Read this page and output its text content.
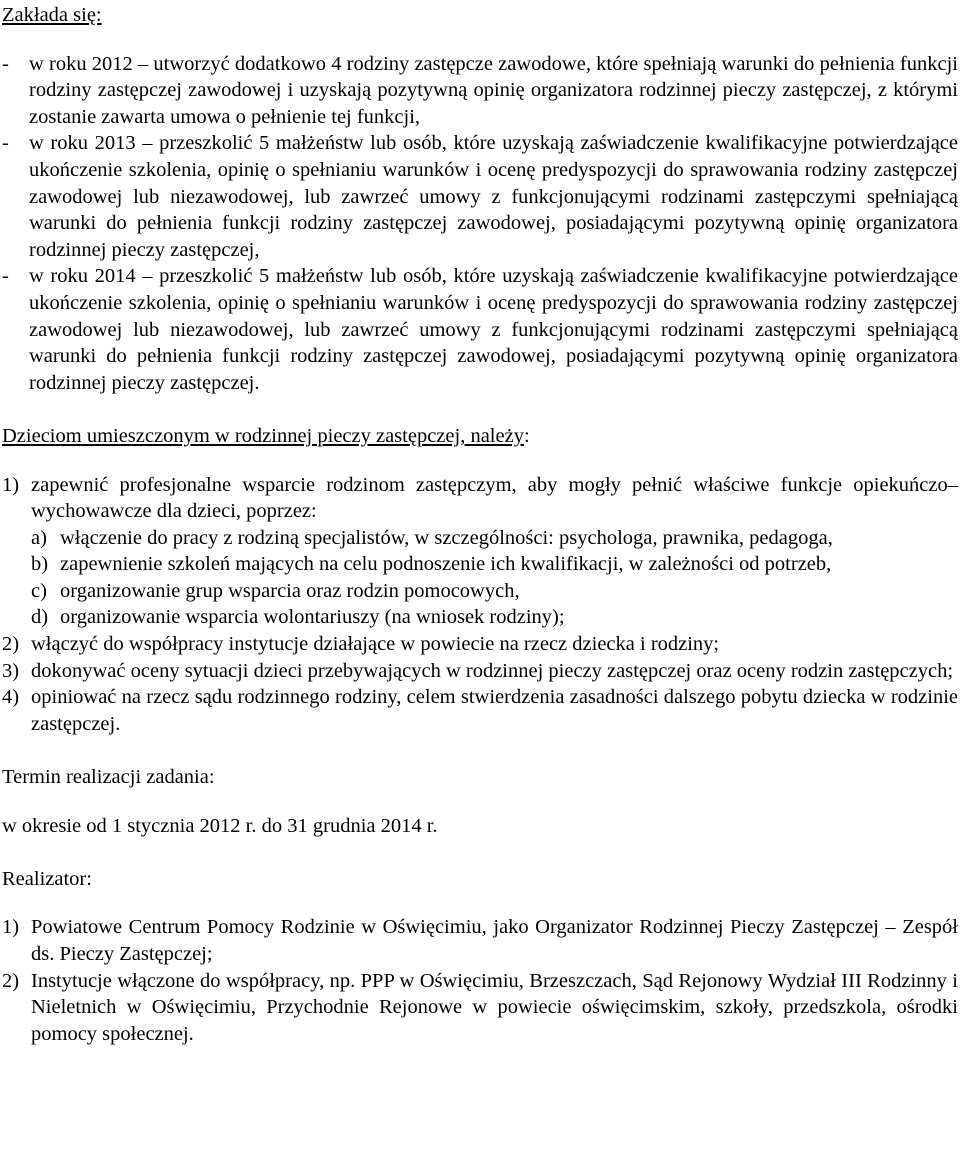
Zakłada się:

- w roku 2012 – utworzyć dodatkowo 4 rodziny zastępcze zawodowe, które spełniają warunki do pełnienia funkcji rodziny zastępczej zawodowej i uzyskają pozytywną opinię organizatora rodzinnej pieczy zastępczej, z którymi zostanie zawarta umowa o pełnienie tej funkcji,
- w roku 2013 – przeszkolić 5 małżeństw lub osób, które uzyskają zaświadczenie kwalifikacyjne potwierdzające ukończenie szkolenia, opinię o spełnianiu warunków i ocenę predyspozycji do sprawowania rodziny zastępczej zawodowej lub niezawodowej, lub zawrzeć umowy z funkcjonującymi rodzinami zastępczymi spełniającą warunki do pełnienia funkcji rodziny zastępczej zawodowej, posiadającymi pozytywną opinię organizatora rodzinnej pieczy zastępczej,
- w roku 2014 – przeszkolić 5 małżeństw lub osób, które uzyskają zaświadczenie kwalifikacyjne potwierdzające ukończenie szkolenia, opinię o spełnianiu warunków i ocenę predyspozycji do sprawowania rodziny zastępczej zawodowej lub niezawodowej, lub zawrzeć umowy z funkcjonującymi rodzinami zastępczymi spełniającą warunki do pełnienia funkcji rodziny zastępczej zawodowej, posiadającymi pozytywną opinię organizatora rodzinnej pieczy zastępczej.

Dzieciom umieszczonym w rodzinnej pieczy zastępczej, należy:

1) zapewnić profesjonalne wsparcie rodzinom zastępczym, aby mogły pełnić właściwe funkcje opiekuńczo–wychowawcze dla dzieci, poprzez:
a) włączenie do pracy z rodziną specjalistów, w szczególności: psychologa, prawnika, pedagoga,
b) zapewnienie szkoleń mających na celu podnoszenie ich kwalifikacji, w zależności od potrzeb,
c) organizowanie grup wsparcia oraz rodzin pomocowych,
d) organizowanie wsparcia wolontariuszy (na wniosek rodziny);
2) włączyć do współpracy instytucje działające w powiecie na rzecz dziecka i rodziny;
3) dokonywać oceny sytuacji dzieci przebywających w rodzinnej pieczy zastępczej oraz oceny rodzin zastępczych;
4) opiniować na rzecz sądu rodzinnego rodziny, celem stwierdzenia zasadności dalszego pobytu dziecka w rodzinie zastępczej.

Termin realizacji zadania:

w okresie od 1 stycznia 2012 r. do 31 grudnia 2014 r.

Realizator:

1) Powiatowe Centrum Pomocy Rodzinie w Oświęcimiu, jako Organizator Rodzinnej Pieczy Zastępczej – Zespół ds. Pieczy Zastępczej;
2) Instytucje włączone do współpracy, np. PPP w Oświęcimiu, Brzeszczach, Sąd Rejonowy Wydział III Rodzinny i Nieletnich w Oświęcimiu, Przychodnie Rejonowe w powiecie oświęcimskim, szkoły, przedszkola, ośrodki pomocy społecznej.
